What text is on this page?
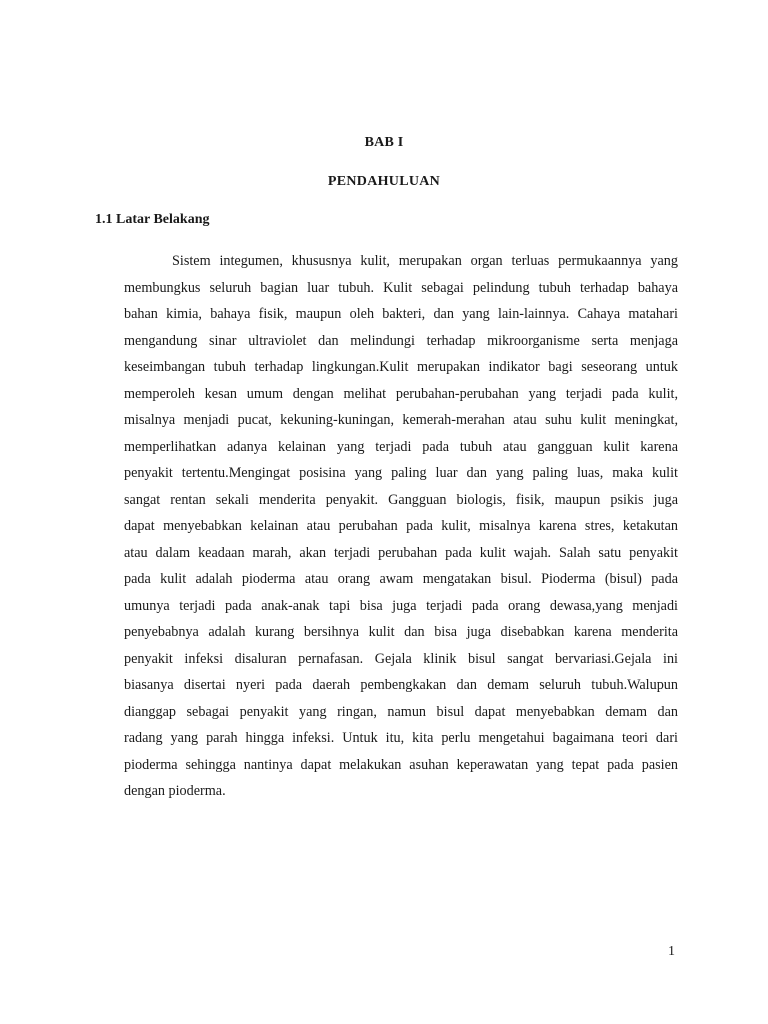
BAB I
PENDAHULUAN
1.1 Latar Belakang
Sistem integumen, khususnya kulit, merupakan organ terluas permukaannya yang
membungkus seluruh bagian luar tubuh. Kulit sebagai pelindung tubuh terhadap bahaya
bahan kimia, bahaya fisik, maupun oleh bakteri, dan yang lain-lainnya. Cahaya matahari
mengandung sinar ultraviolet dan melindungi terhadap mikroorganisme serta menjaga
keseimbangan tubuh terhadap lingkungan.Kulit merupakan indikator bagi seseorang untuk
memperoleh kesan umum dengan melihat perubahan-perubahan yang terjadi pada kulit,
misalnya menjadi pucat, kekuning-kuningan, kemerah-merahan atau suhu kulit meningkat,
memperlihatkan adanya kelainan yang terjadi pada tubuh atau gangguan kulit karena
penyakit tertentu.Mengingat posisina yang paling luar dan yang paling luas, maka kulit
sangat rentan sekali menderita penyakit. Gangguan biologis, fisik, maupun psikis juga
dapat menyebabkan kelainan atau perubahan pada kulit, misalnya karena stres, ketakutan
atau dalam keadaan marah, akan terjadi perubahan pada kulit wajah. Salah satu penyakit
pada kulit adalah pioderma atau orang awam mengatakan bisul. Pioderma (bisul) pada
umunya terjadi pada anak-anak tapi bisa juga terjadi pada orang dewasa,yang menjadi
penyebabnya adalah kurang bersihnya kulit dan bisa juga disebabkan karena menderita
penyakit infeksi disaluran pernafasan. Gejala klinik bisul sangat bervariasi.Gejala ini
biasanya disertai nyeri pada daerah pembengkakan dan demam seluruh tubuh.Walupun
dianggap sebagai penyakit yang ringan, namun bisul dapat menyebabkan demam dan
radang yang parah hingga infeksi. Untuk itu, kita perlu mengetahui bagaimana teori dari
pioderma sehingga nantinya dapat melakukan asuhan keperawatan yang tepat pada pasien
dengan pioderma.
1
